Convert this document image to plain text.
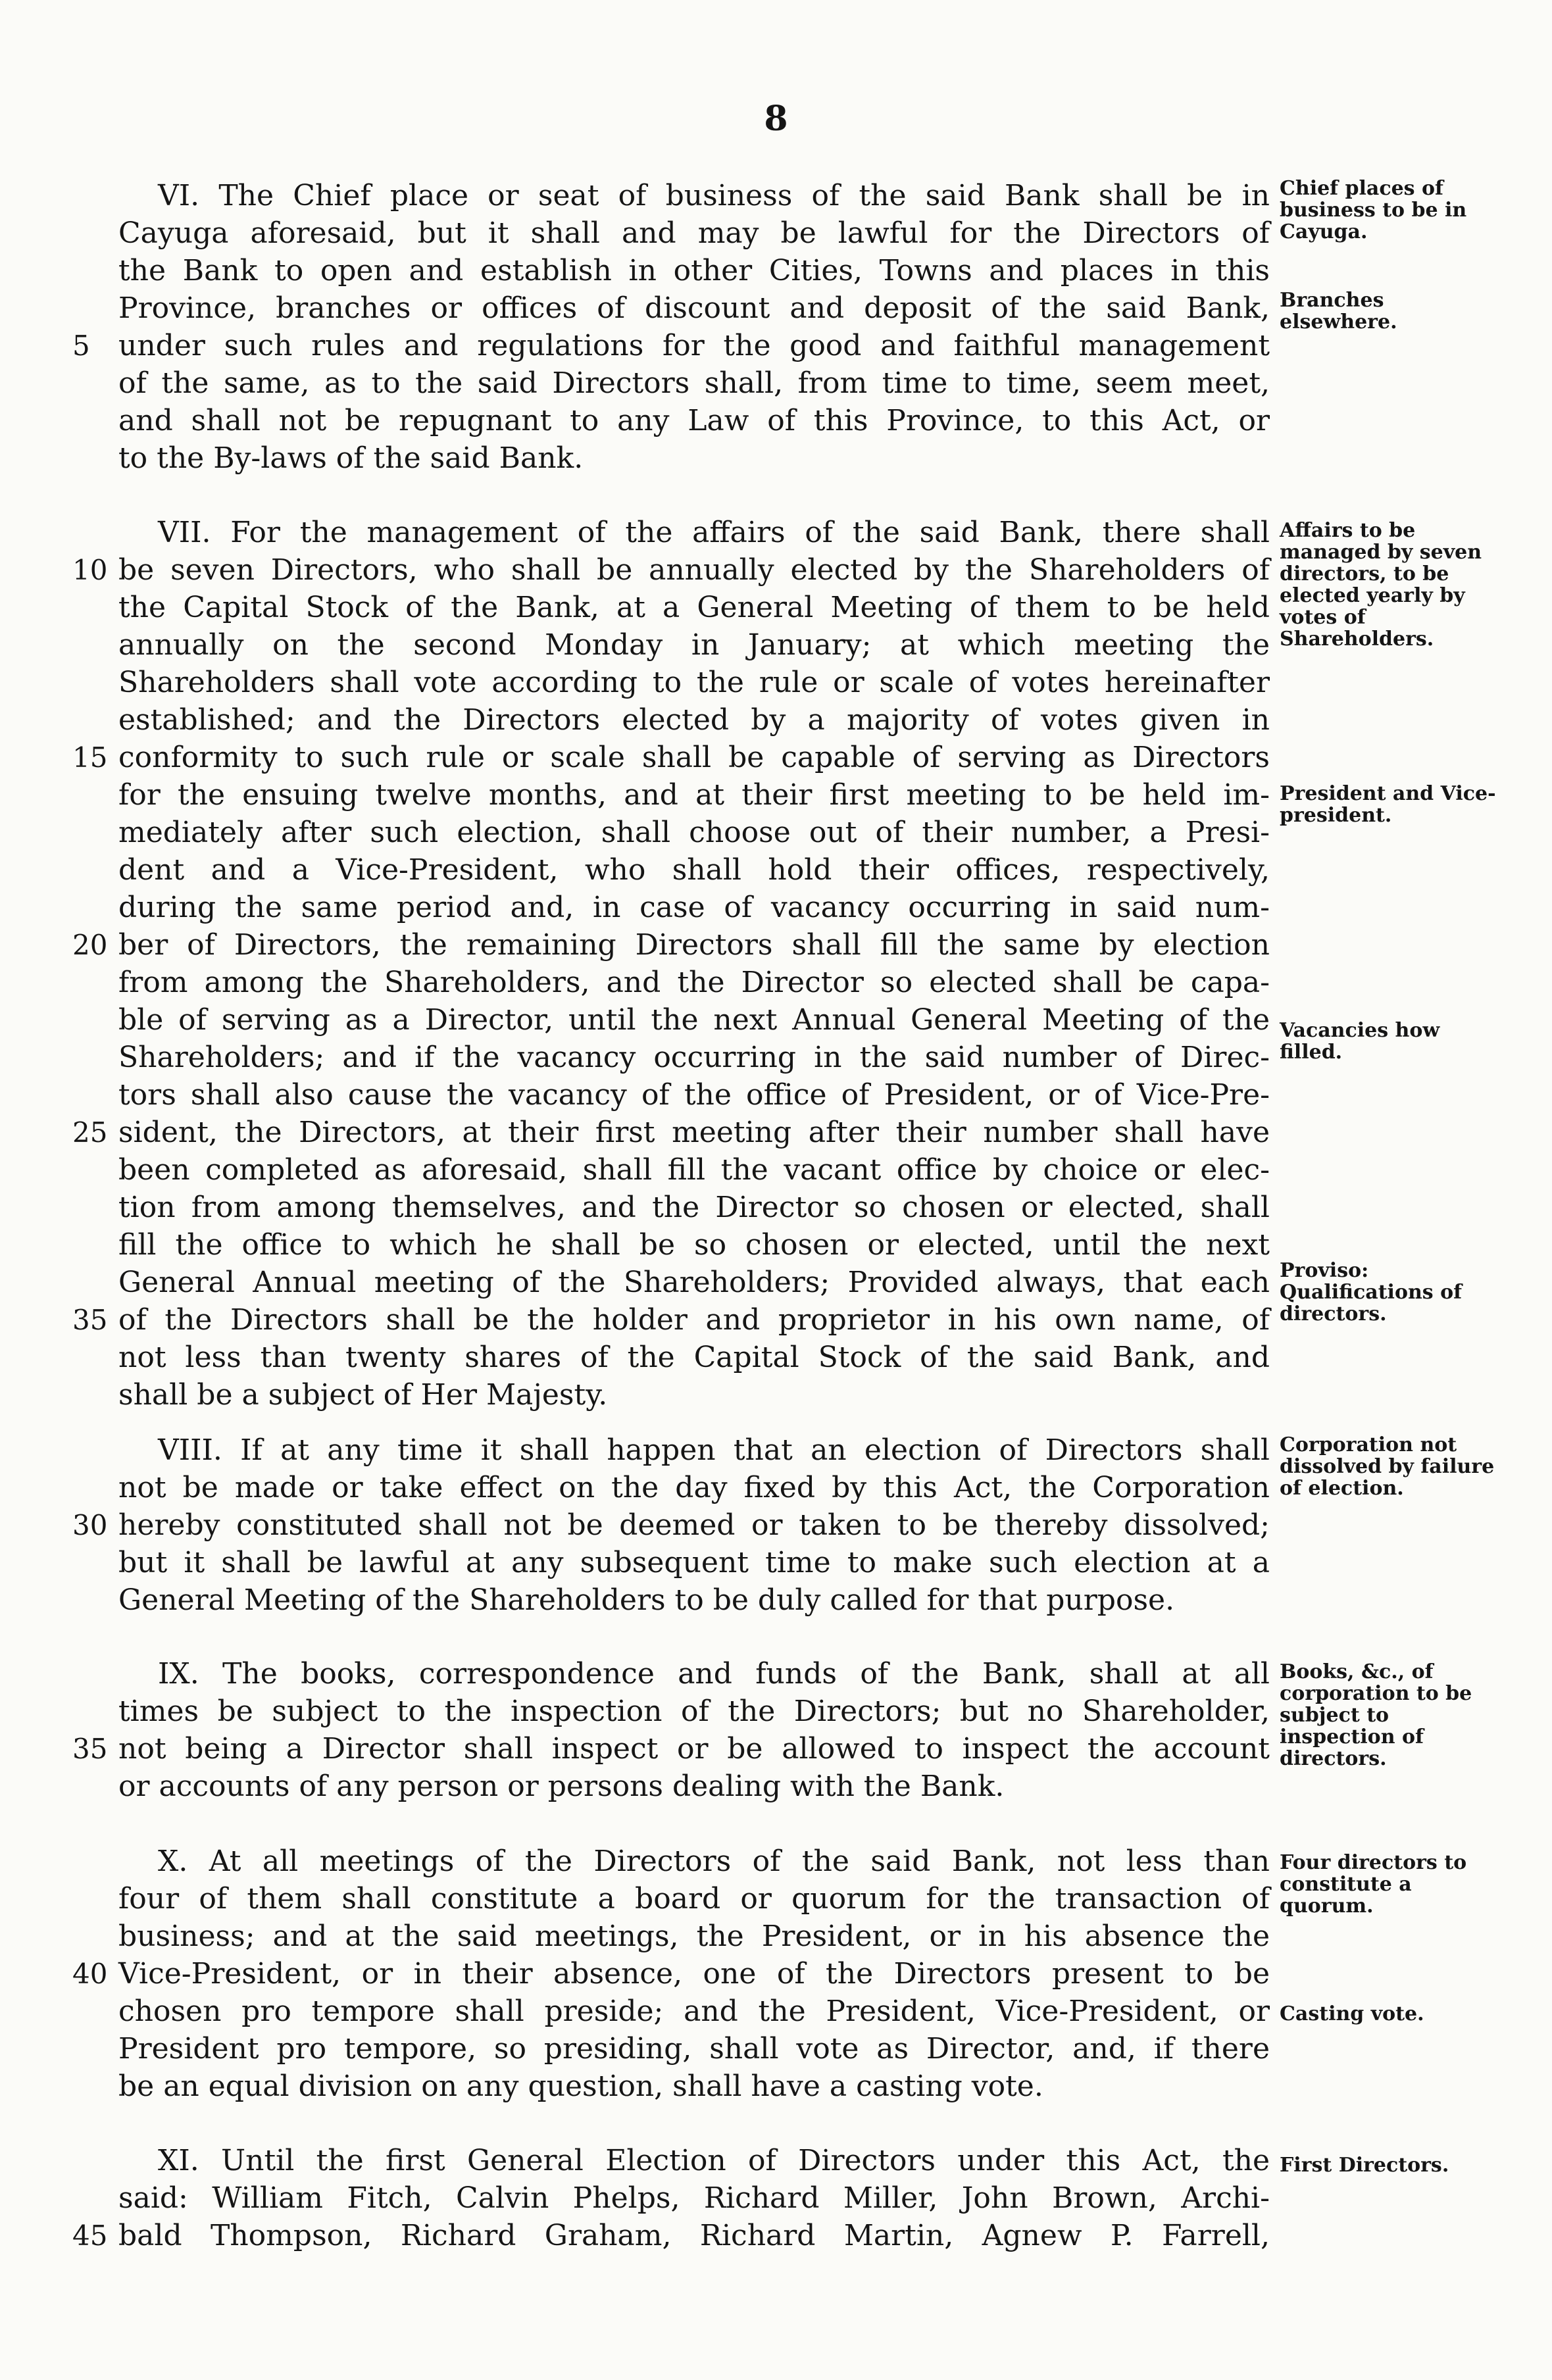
8
VI. The Chief place or seat of business of the said Bank shall be in
Cayuga aforesaid, but it shall and may be lawful for the Directors of
the Bank to open and establish in other Cities, Towns and places in this
Province, branches or offices of discount and deposit of the said Bank,
5 under such rules and regulations for the good and faithful management
of the same, as to the said Directors shall, from time to time, seem meet,
and shall not be repugnant to any Law of this Province, to this Act, or
to the By-laws of the said Bank.
VII. For the management of the affairs of the said Bank, there shall
10 be seven Directors, who shall be annually elected by the Shareholders of
the Capital Stock of the Bank, at a General Meeting of them to be held
annually on the second Monday in January; at which meeting the
Shareholders shall vote according to the rule or scale of votes hereinafter
established; and the Directors elected by a majority of votes given in
15 conformity to such rule or scale shall be capable of serving as Directors
for the ensuing twelve months, and at their first meeting to be held im-
mediately after such election, shall choose out of their number, a Presi-
dent and a Vice-President, who shall hold their offices, respectively,
during the same period and, in case of vacancy occurring in said num-
20 ber of Directors, the remaining Directors shall fill the same by election
from among the Shareholders, and the Director so elected shall be capa-
ble of serving as a Director, until the next Annual General Meeting of the
Shareholders; and if the vacancy occurring in the said number of Direc-
tors shall also cause the vacancy of the office of President, or of Vice-Pre-
25 sident, the Directors, at their first meeting after their number shall have
been completed as aforesaid, shall fill the vacant office by choice or elec-
tion from among themselves, and the Director so chosen or elected, shall
fill the office to which he shall be so chosen or elected, until the next
General Annual meeting of the Shareholders; Provided always, that each
35 of the Directors shall be the holder and proprietor in his own name, of
not less than twenty shares of the Capital Stock of the said Bank, and
shall be a subject of Her Majesty.
VIII. If at any time it shall happen that an election of Directors shall
not be made or take effect on the day fixed by this Act, the Corporation
30 hereby constituted shall not be deemed or taken to be thereby dissolved;
but it shall be lawful at any subsequent time to make such election at a
General Meeting of the Shareholders to be duly called for that purpose.
IX. The books, correspondence and funds of the Bank, shall at all
times be subject to the inspection of the Directors; but no Shareholder,
35 not being a Director shall inspect or be allowed to inspect the account
or accounts of any person or persons dealing with the Bank.
X. At all meetings of the Directors of the said Bank, not less than
four of them shall constitute a board or quorum for the transaction of
business; and at the said meetings, the President, or in his absence the
40 Vice-President, or in their absence, one of the Directors present to be
chosen pro tempore shall preside; and the President, Vice-President, or
President pro tempore, so presiding, shall vote as Director, and, if there
be an equal division on any question, shall have a casting vote.
XI. Until the first General Election of Directors under this Act, the
said: William Fitch, Calvin Phelps, Richard Miller, John Brown, Archi-
45 bald Thompson, Richard Graham, Richard Martin, Agnew P. Farrell,
Chief places of business to be in Cayuga.
Branches elsewhere.
Affairs to be managed by seven directors, to be elected yearly by votes of Shareholders.
President and Vice-president.
Vacancies how filled.
Proviso: Qualifications of directors.
Corporation not dissolved by failure of election.
Books, &c., of corporation to be subject to inspection of directors.
Four directors to constitute a quorum.
Casting vote.
First Directors.
